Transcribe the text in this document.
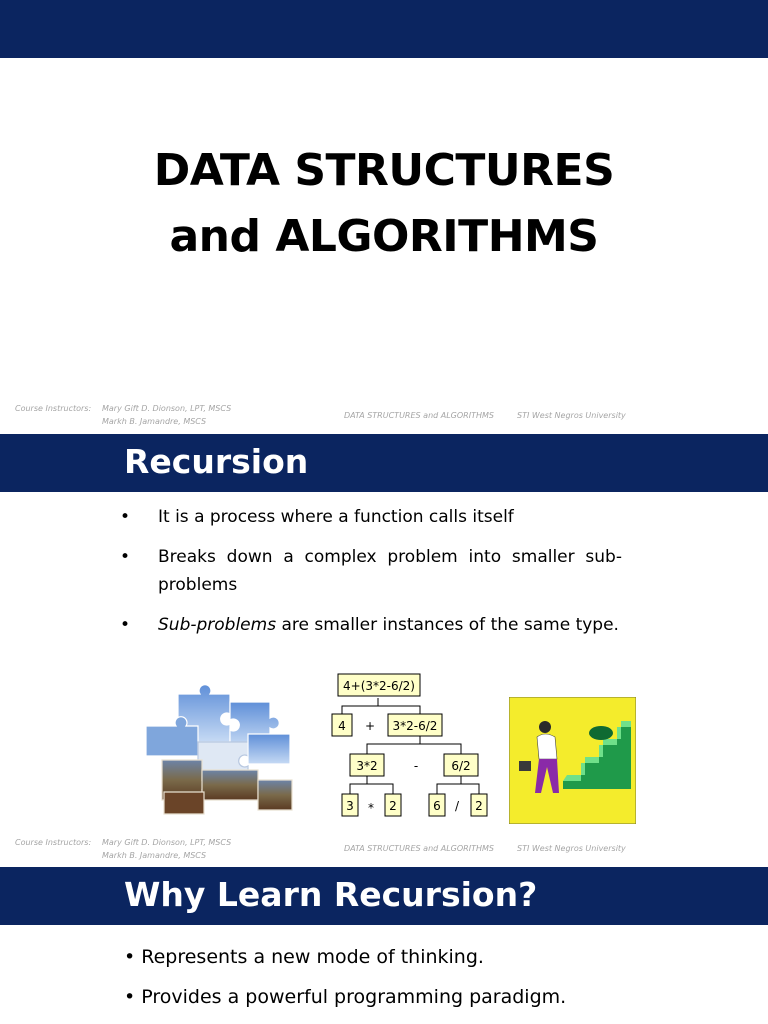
DATA STRUCTURES
and ALGORITHMS
Course Instructors: Mary Gift D. Dionson, LPT, MSCS
Markh B. Jamandre, MSCS
DATA STRUCTURES and ALGORITHMS	STI West Negros University
Recursion
• It is a process where a function calls itself
• Breaks down a complex problem into smaller sub-problems
• Sub-problems are smaller instances of the same type.
4+(3*2-6/2)
4 + 3*2-6/2
3*2	-	6/2
3 * 2	6 / 2
Course Instructors: Mary Gift D. Dionson, LPT, MSCS
Markh B. Jamandre, MSCS
DATA STRUCTURES and ALGORITHMS	STI West Negros University
Why Learn Recursion?
• Represents a new mode of thinking.
• Provides a powerful programming paradigm.
